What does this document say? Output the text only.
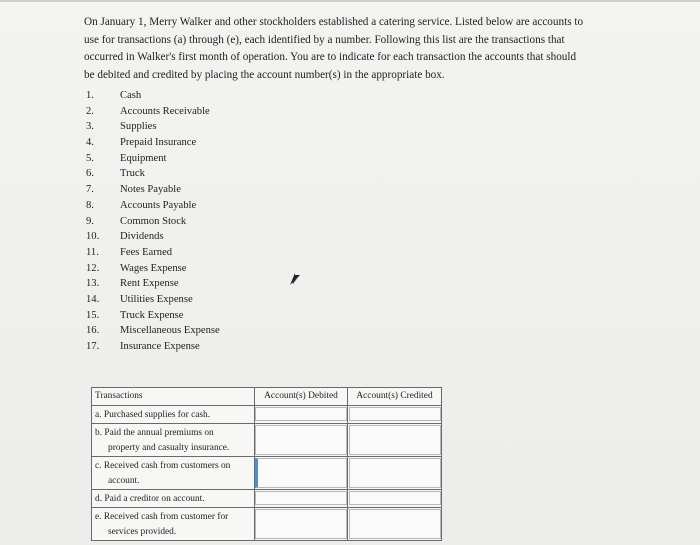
On January 1, Merry Walker and other stockholders established a catering service. Listed below are accounts to use for transactions (a) through (e), each identified by a number. Following this list are the transactions that occurred in Walker's first month of operation. You are to indicate for each transaction the accounts that should be debited and credited by placing the account number(s) in the appropriate box.

1.	Cash
2.	Accounts Receivable
3.	Supplies
4.	Prepaid Insurance
5.	Equipment
6.	Truck
7.	Notes Payable
8.	Accounts Payable
9.	Common Stock
10.	Dividends
11.	Fees Earned
12.	Wages Expense
13.	Rent Expense
14.	Utilities Expense
15.	Truck Expense
16.	Miscellaneous Expense
17.	Insurance Expense
Transactions	Account(s) Debited	Account(s) Credited

a. Purchased supplies for cash.		

b. Paid the annual premiums on
property and casualty insurance.		

c. Received cash from customers on
account.		

d. Paid a creditor on account.		

e. Received cash from customer for
services provided.		
